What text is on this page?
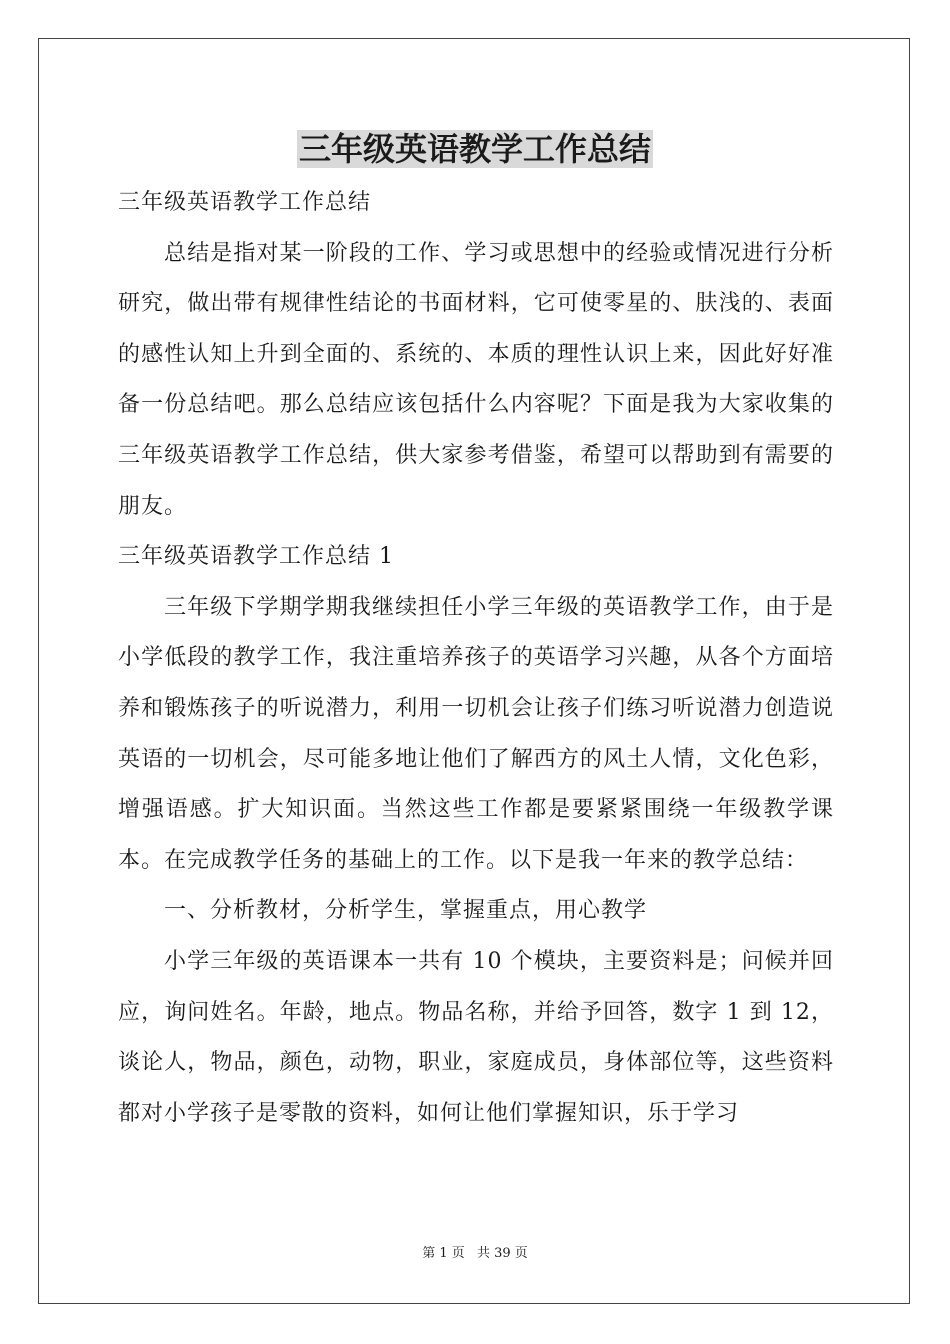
三年级英语教学工作总结

三年级英语教学工作总结

总结是指对某一阶段的工作、学习或思想中的经验或情况进行分析研究，做出带有规律性结论的书面材料，它可使零星的、肤浅的、表面的感性认知上升到全面的、系统的、本质的理性认识上来，因此好好准备一份总结吧。那么总结应该包括什么内容呢？下面是我为大家收集的三年级英语教学工作总结，供大家参考借鉴，希望可以帮助到有需要的朋友。

三年级英语教学工作总结 1

三年级下学期学期我继续担任小学三年级的英语教学工作，由于是小学低段的教学工作，我注重培养孩子的英语学习兴趣，从各个方面培养和锻炼孩子的听说潜力，利用一切机会让孩子们练习听说潜力创造说英语的一切机会，尽可能多地让他们了解西方的风土人情，文化色彩，增强语感。扩大知识面。当然这些工作都是要紧紧围绕一年级教学课本。在完成教学任务的基础上的工作。以下是我一年来的教学总结：

一、分析教材，分析学生，掌握重点，用心教学

小学三年级的英语课本一共有 10 个模块，主要资料是；问候并回应，询问姓名。年龄，地点。物品名称，并给予回答，数字 1 到 12，谈论人，物品，颜色，动物，职业，家庭成员，身体部位等，这些资料都对小学孩子是零散的资料，如何让他们掌握知识，乐于学习

第 1 页 共 39 页
